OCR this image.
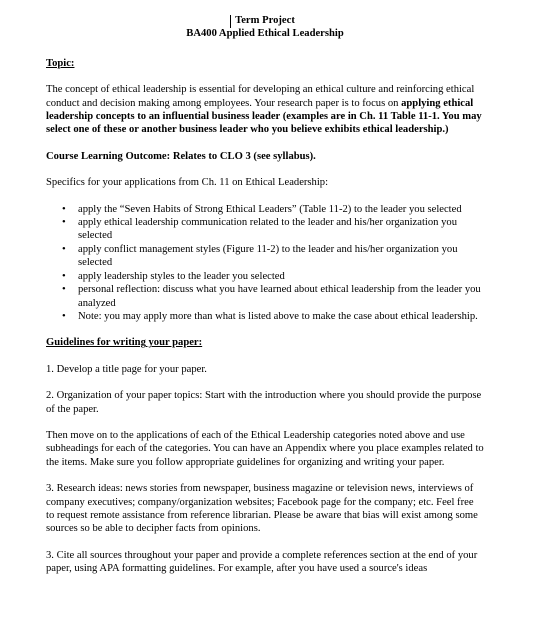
Term Project
BA400 Applied Ethical Leadership

Topic:

The concept of ethical leadership is essential for developing an ethical culture and reinforcing ethical conduct and decision making among employees. Your research paper is to focus on applying ethical leadership concepts to an influential business leader (examples are in Ch. 11 Table 11-1. You may select one of these or another business leader who you believe exhibits ethical leadership.)

Course Learning Outcome: Relates to CLO 3 (see syllabus).

Specifics for your applications from Ch. 11 on Ethical Leadership:

• apply the “Seven Habits of Strong Ethical Leaders” (Table 11-2) to the leader you selected
• apply ethical leadership communication related to the leader and his/her organization you selected
• apply conflict management styles (Figure 11-2) to the leader and his/her organization you selected
• apply leadership styles to the leader you selected
• personal reflection: discuss what you have learned about ethical leadership from the leader you analyzed
• Note: you may apply more than what is listed above to make the case about ethical leadership.

Guidelines for writing your paper:

1. Develop a title page for your paper.

2. Organization of your paper topics: Start with the introduction where you should provide the purpose of the paper.

Then move on to the applications of each of the Ethical Leadership categories noted above and use subheadings for each of the categories. You can have an Appendix where you place examples related to the items. Make sure you follow appropriate guidelines for organizing and writing your paper.

3. Research ideas: news stories from newspaper, business magazine or television news, interviews of company executives; company/organization websites; Facebook page for the company; etc. Feel free to request remote assistance from reference librarian. Please be aware that bias will exist among some sources so be able to decipher facts from opinions.

3. Cite all sources throughout your paper and provide a complete references section at the end of your paper, using APA formatting guidelines. For example, after you have used a source's ideas
